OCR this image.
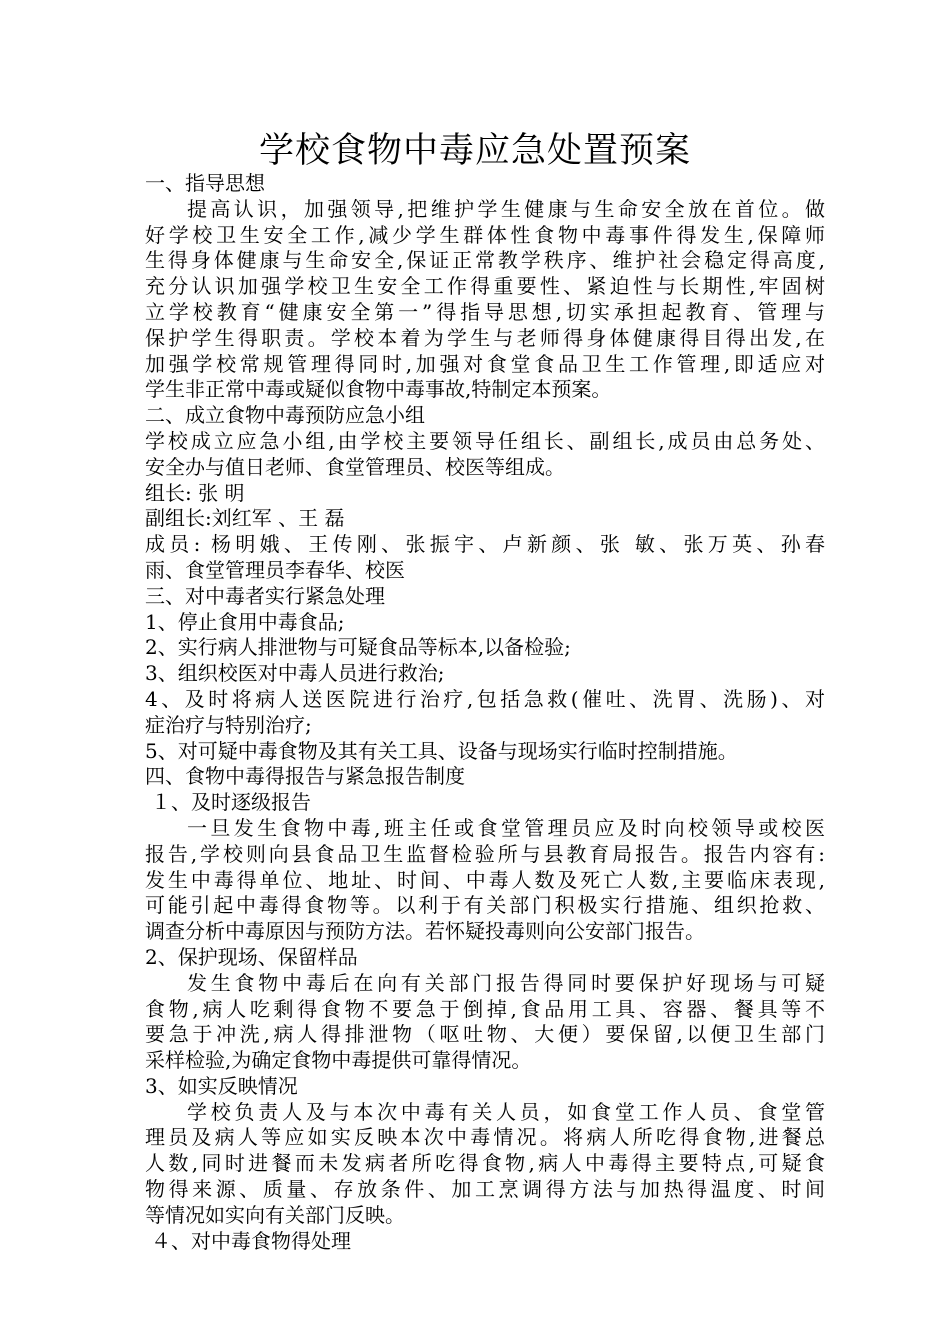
学校食物中毒应急处置预案
一、指导思想
提高认识，加强领导,把维护学生健康与生命安全放在首位。做
好学校卫生安全工作,减少学生群体性食物中毒事件得发生,保障师
生得身体健康与生命安全,保证正常教学秩序、维护社会稳定得高度,
充分认识加强学校卫生安全工作得重要性、紧迫性与长期性,牢固树
立学校教育“健康安全第一”得指导思想,切实承担起教育、管理与
保护学生得职责。学校本着为学生与老师得身体健康得目得出发,在
加强学校常规管理得同时,加强对食堂食品卫生工作管理,即适应对
学生非正常中毒或疑似食物中毒事故,特制定本预案。
二、成立食物中毒预防应急小组
学校成立应急小组,由学校主要领导任组长、副组长,成员由总务处、
安全办与值日老师、食堂管理员、校医等组成。
组长: 张 明
副组长:刘红军 、王 磊
成员: 杨明娥、王传刚、张振宇、卢新颜、张 敏、张万英、孙春
雨、食堂管理员李春华、校医
三、对中毒者实行紧急处理
1、停止食用中毒食品;
2、实行病人排泄物与可疑食品等标本,以备检验;
3、组织校医对中毒人员进行救治;
4、及时将病人送医院进行治疗,包括急救(催吐、洗胃、洗肠)、对
症治疗与特别治疗;
5、对可疑中毒食物及其有关工具、设备与现场实行临时控制措施。
四、食物中毒得报告与紧急报告制度
１、及时逐级报告
一旦发生食物中毒,班主任或食堂管理员应及时向校领导或校医
报告,学校则向县食品卫生监督检验所与县教育局报告。报告内容有:
发生中毒得单位、地址、时间、中毒人数及死亡人数,主要临床表现,
可能引起中毒得食物等。以利于有关部门积极实行措施、组织抢救、
调查分析中毒原因与预防方法。若怀疑投毒则向公安部门报告。
2、保护现场、保留样品
发生食物中毒后在向有关部门报告得同时要保护好现场与可疑
食物,病人吃剩得食物不要急于倒掉,食品用工具、容器、餐具等不
要急于冲洗,病人得排泄物（呕吐物、大便）要保留,以便卫生部门
采样检验,为确定食物中毒提供可靠得情况。
3、如实反映情况
学校负责人及与本次中毒有关人员，如食堂工作人员、食堂管
理员及病人等应如实反映本次中毒情况。将病人所吃得食物,进餐总
人数,同时进餐而未发病者所吃得食物,病人中毒得主要特点,可疑食
物得来源、质量、存放条件、加工烹调得方法与加热得温度、时间
等情况如实向有关部门反映。
４、对中毒食物得处理
